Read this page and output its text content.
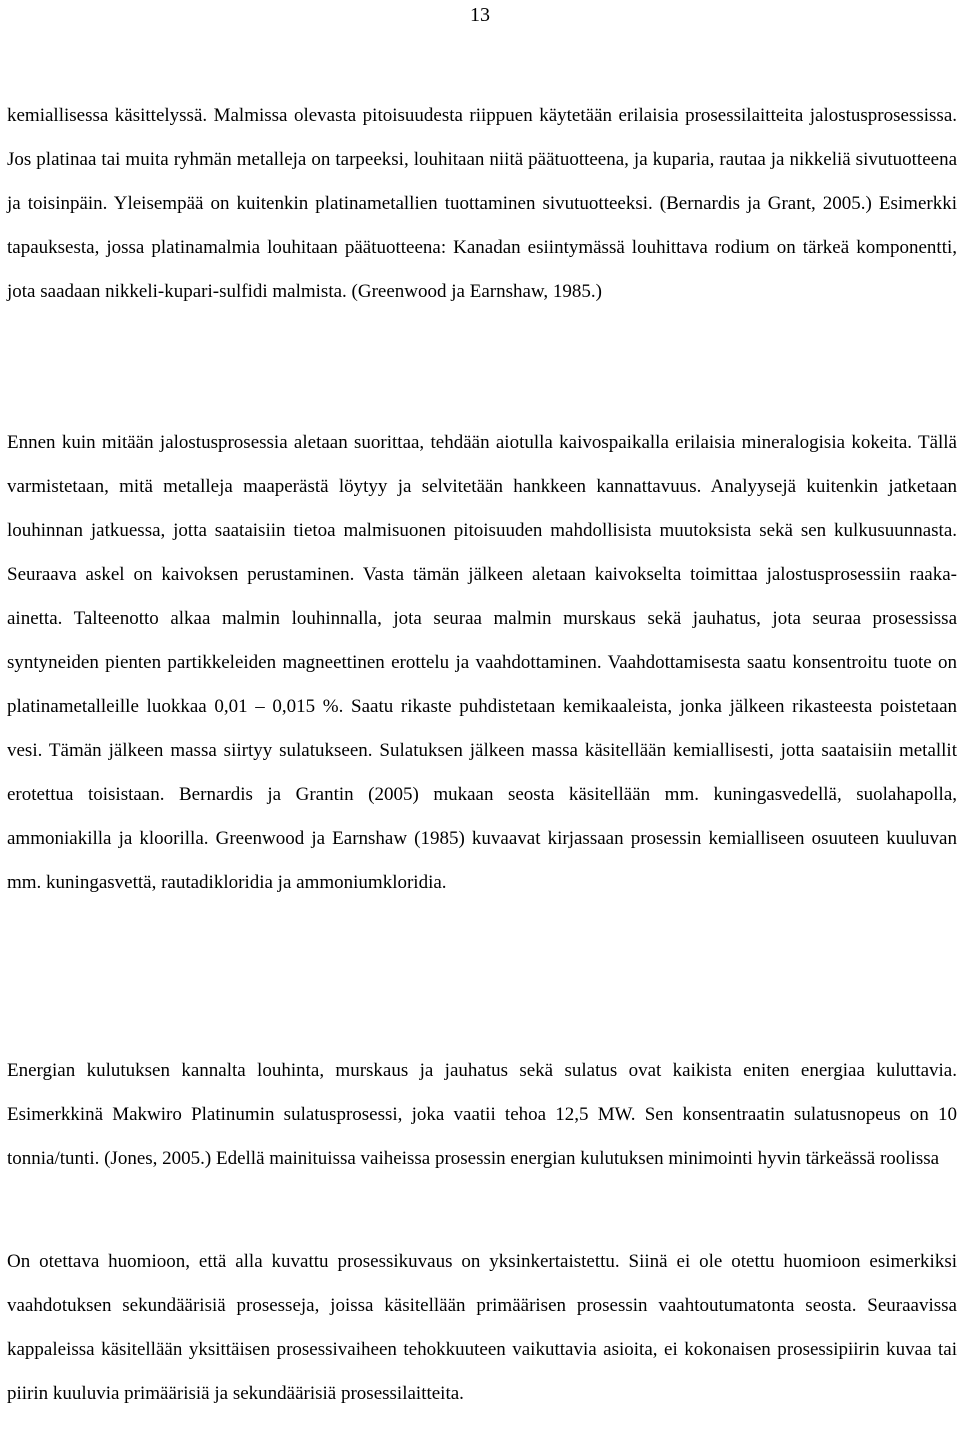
13

kemiallisessa käsittelyssä. Malmissa olevasta pitoisuudesta riippuen käytetään erilaisia prosessilaitteita jalostusprosessissa. Jos platinaa tai muita ryhmän metalleja on tarpeeksi, louhitaan niitä päätuotteena, ja kuparia, rautaa ja nikkeliä sivutuotteena ja toisinpäin. Yleisempää on kuitenkin platinametallien tuottaminen sivutuotteeksi. (Bernardis ja Grant, 2005.) Esimerkki tapauksesta, jossa platinamalmia louhitaan päätuotteena: Kanadan esiintymässä louhittava rodium on tärkeä komponentti, jota saadaan nikkeli-kupari-sulfidi malmista. (Greenwood ja Earnshaw, 1985.)

Ennen kuin mitään jalostusprosessia aletaan suorittaa, tehdään aiotulla kaivospaikalla erilaisia mineralogisia kokeita. Tällä varmistetaan, mitä metalleja maaperästä löytyy ja selvitetään hankkeen kannattavuus. Analyysejä kuitenkin jatketaan louhinnan jatkuessa, jotta saataisiin tietoa malmisuonen pitoisuuden mahdollisista muutoksista sekä sen kulkusuunnasta. Seuraava askel on kaivoksen perustaminen. Vasta tämän jälkeen aletaan kaivokselta toimittaa jalostusprosessiin raaka-ainetta. Talteenotto alkaa malmin louhinnalla, jota seuraa malmin murskaus sekä jauhatus, jota seuraa prosessissa syntyneiden pienten partikkeleiden magneettinen erottelu ja vaahdottaminen. Vaahdottamisesta saatu konsentroitu tuote on platinametalleille luokkaa 0,01 – 0,015 %. Saatu rikaste puhdistetaan kemikaaleista, jonka jälkeen rikasteesta poistetaan vesi. Tämän jälkeen massa siirtyy sulatukseen. Sulatuksen jälkeen massa käsitellään kemiallisesti, jotta saataisiin metallit erotettua toisistaan. Bernardis ja Grantin (2005) mukaan seosta käsitellään mm. kuningasvedellä, suolahapolla, ammoniakilla ja kloorilla. Greenwood ja Earnshaw (1985) kuvaavat kirjassaan prosessin kemialliseen osuuteen kuuluvan mm. kuningasvettä, rautadikloridia ja ammoniumkloridia.

Energian kulutuksen kannalta louhinta, murskaus ja jauhatus sekä sulatus ovat kaikista eniten energiaa kuluttavia. Esimerkkinä Makwiro Platinumin sulatusprosessi, joka vaatii tehoa 12,5 MW. Sen konsentraatin sulatusnopeus on 10 tonnia/tunti. (Jones, 2005.) Edellä mainituissa vaiheissa prosessin energian kulutuksen minimointi hyvin tärkeässä roolissa

On otettava huomioon, että alla kuvattu prosessikuvaus on yksinkertaistettu. Siinä ei ole otettu huomioon esimerkiksi vaahdotuksen sekundäärisiä prosesseja, joissa käsitellään primäärisen prosessin vaahtoutumatonta seosta. Seuraavissa kappaleissa käsitellään yksittäisen prosessivaiheen tehokkuuteen vaikuttavia asioita, ei kokonaisen prosessipiirin kuvaa tai piirin kuuluvia primäärisiä ja sekundäärisiä prosessilaitteita.
